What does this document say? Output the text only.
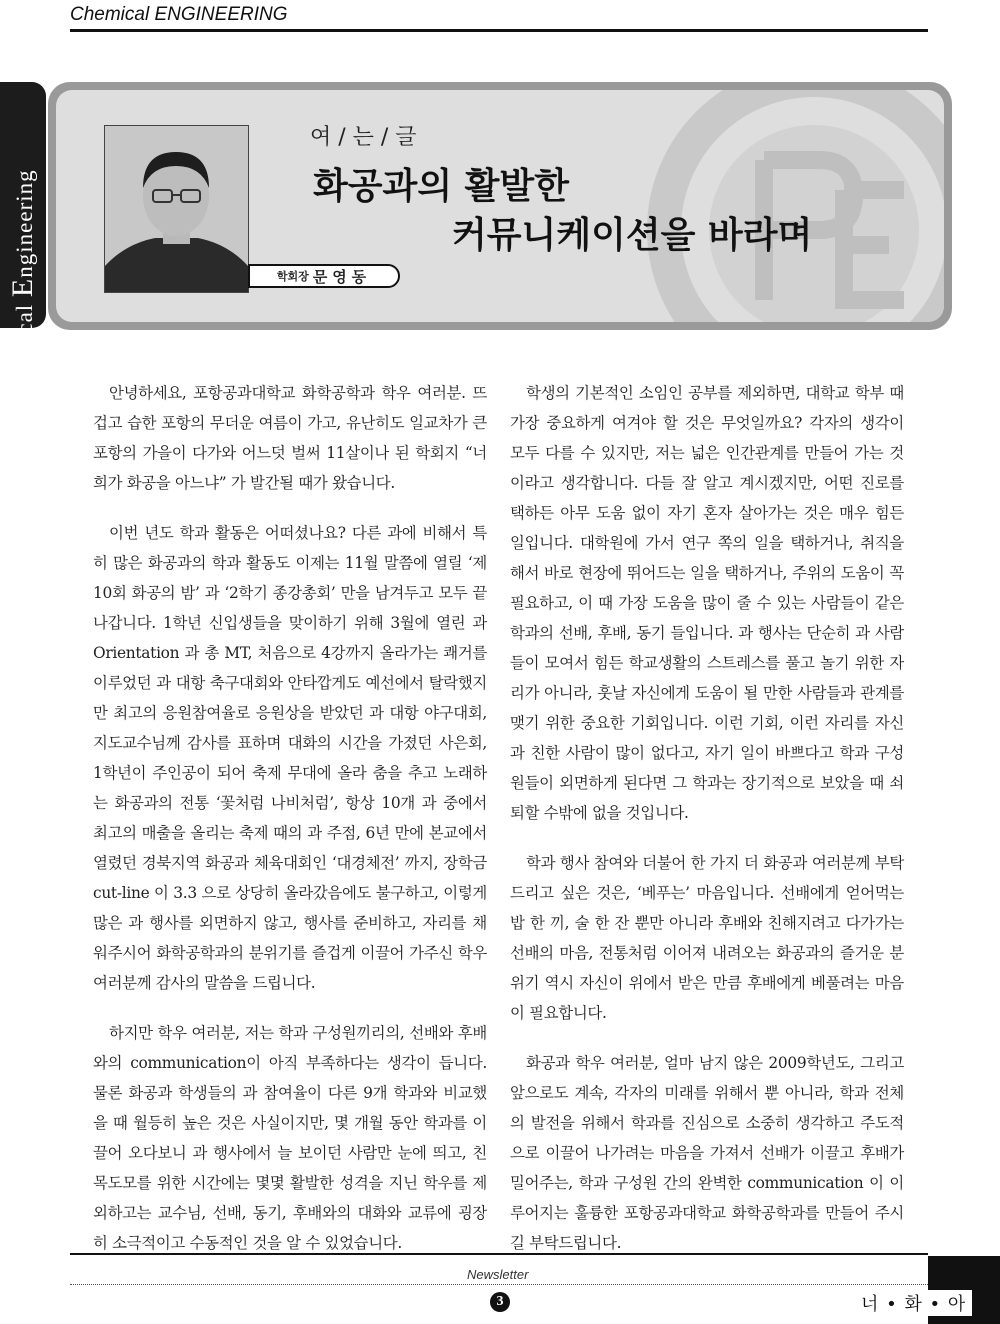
Chemical ENGINEERING
Chemical Engineering	학회장 문영동
여 / 는 / 글
화공과의 활발한
커뮤니케이션을 바라며

안녕하세요, 포항공과대학교 화학공학과 학우 여러분. 뜨겁고 습한 포항의 무더운 여름이 가고, 유난히도 일교차가 큰 포항의 가을이 다가와 어느덧 벌써 11살이나 된 학회지 “너희가 화공을 아느냐” 가 발간될 때가 왔습니다.

이번 년도 학과 활동은 어떠셨나요? 다른 과에 비해서 특히 많은 화공과의 학과 활동도 이제는 11월 말쯤에 열릴 ‘제 10회 화공의 밤’ 과 ‘2학기 종강총회’ 만을 남겨두고 모두 끝나갑니다. 1학년 신입생들을 맞이하기 위해 3월에 열린 과 Orientation 과 총 MT, 처음으로 4강까지 올라가는 쾌거를 이루었던 과 대항 축구대회와 안타깝게도 예선에서 탈락했지만 최고의 응원참여율로 응원상을 받았던 과 대항 야구대회, 지도교수님께 감사를 표하며 대화의 시간을 가졌던 사은회, 1학년이 주인공이 되어 축제 무대에 올라 춤을 추고 노래하는 화공과의 전통 ‘꽃처럼 나비처럼’, 항상 10개 과 중에서 최고의 매출을 올리는 축제 때의 과 주점, 6년 만에 본교에서 열렸던 경북지역 화공과 체육대회인 ‘대경체전’ 까지, 장학금 cut-line 이 3.3 으로 상당히 올라갔음에도 불구하고, 이렇게 많은 과 행사를 외면하지 않고, 행사를 준비하고, 자리를 채워주시어 화학공학과의 분위기를 즐겁게 이끌어 가주신 학우 여러분께 감사의 말씀을 드립니다.

하지만 학우 여러분, 저는 학과 구성원끼리의, 선배와 후배와의 communication이 아직 부족하다는 생각이 듭니다. 물론 화공과 학생들의 과 참여율이 다른 9개 학과와 비교했을 때 월등히 높은 것은 사실이지만, 몇 개월 동안 학과를 이끌어 오다보니 과 행사에서 늘 보이던 사람만 눈에 띄고, 친목도모를 위한 시간에는 몇몇 활발한 성격을 지닌 학우를 제외하고는 교수님, 선배, 동기, 후배와의 대화와 교류에 굉장히 소극적이고 수동적인 것을 알 수 있었습니다.

학생의 기본적인 소임인 공부를 제외하면, 대학교 학부 때 가장 중요하게 여겨야 할 것은 무엇일까요? 각자의 생각이 모두 다를 수 있지만, 저는 넓은 인간관계를 만들어 가는 것이라고 생각합니다. 다들 잘 알고 계시겠지만, 어떤 진로를 택하든 아무 도움 없이 자기 혼자 살아가는 것은 매우 힘든 일입니다. 대학원에 가서 연구 쪽의 일을 택하거나, 취직을 해서 바로 현장에 뛰어드는 일을 택하거나, 주위의 도움이 꼭 필요하고, 이 때 가장 도움을 많이 줄 수 있는 사람들이 같은 학과의 선배, 후배, 동기 들입니다. 과 행사는 단순히 과 사람들이 모여서 힘든 학교생활의 스트레스를 풀고 놀기 위한 자리가 아니라, 훗날 자신에게 도움이 될 만한 사람들과 관계를 맺기 위한 중요한 기회입니다. 이런 기회, 이런 자리를 자신과 친한 사람이 많이 없다고, 자기 일이 바쁘다고 학과 구성원들이 외면하게 된다면 그 학과는 장기적으로 보았을 때 쇠퇴할 수밖에 없을 것입니다.

학과 행사 참여와 더불어 한 가지 더 화공과 여러분께 부탁드리고 싶은 것은, ‘베푸는’ 마음입니다. 선배에게 얻어먹는 밥 한 끼, 술 한 잔 뿐만 아니라 후배와 친해지려고 다가가는 선배의 마음, 전통처럼 이어져 내려오는 화공과의 즐거운 분위기 역시 자신이 위에서 받은 만큼 후배에게 베풀려는 마음이 필요합니다.

화공과 학우 여러분, 얼마 남지 않은 2009학년도, 그리고 앞으로도 계속, 각자의 미래를 위해서 뿐 아니라, 학과 전체의 발전을 위해서 학과를 진심으로 소중히 생각하고 주도적으로 이끌어 나가려는 마음을 가져서 선배가 이끌고 후배가 밀어주는, 학과 구성원 간의 완벽한 communication 이 이루어지는 훌륭한 포항공과대학교 화학공학과를 만들어 주시길 부탁드립니다.

Newsletter
3	너 • 화 • 아
